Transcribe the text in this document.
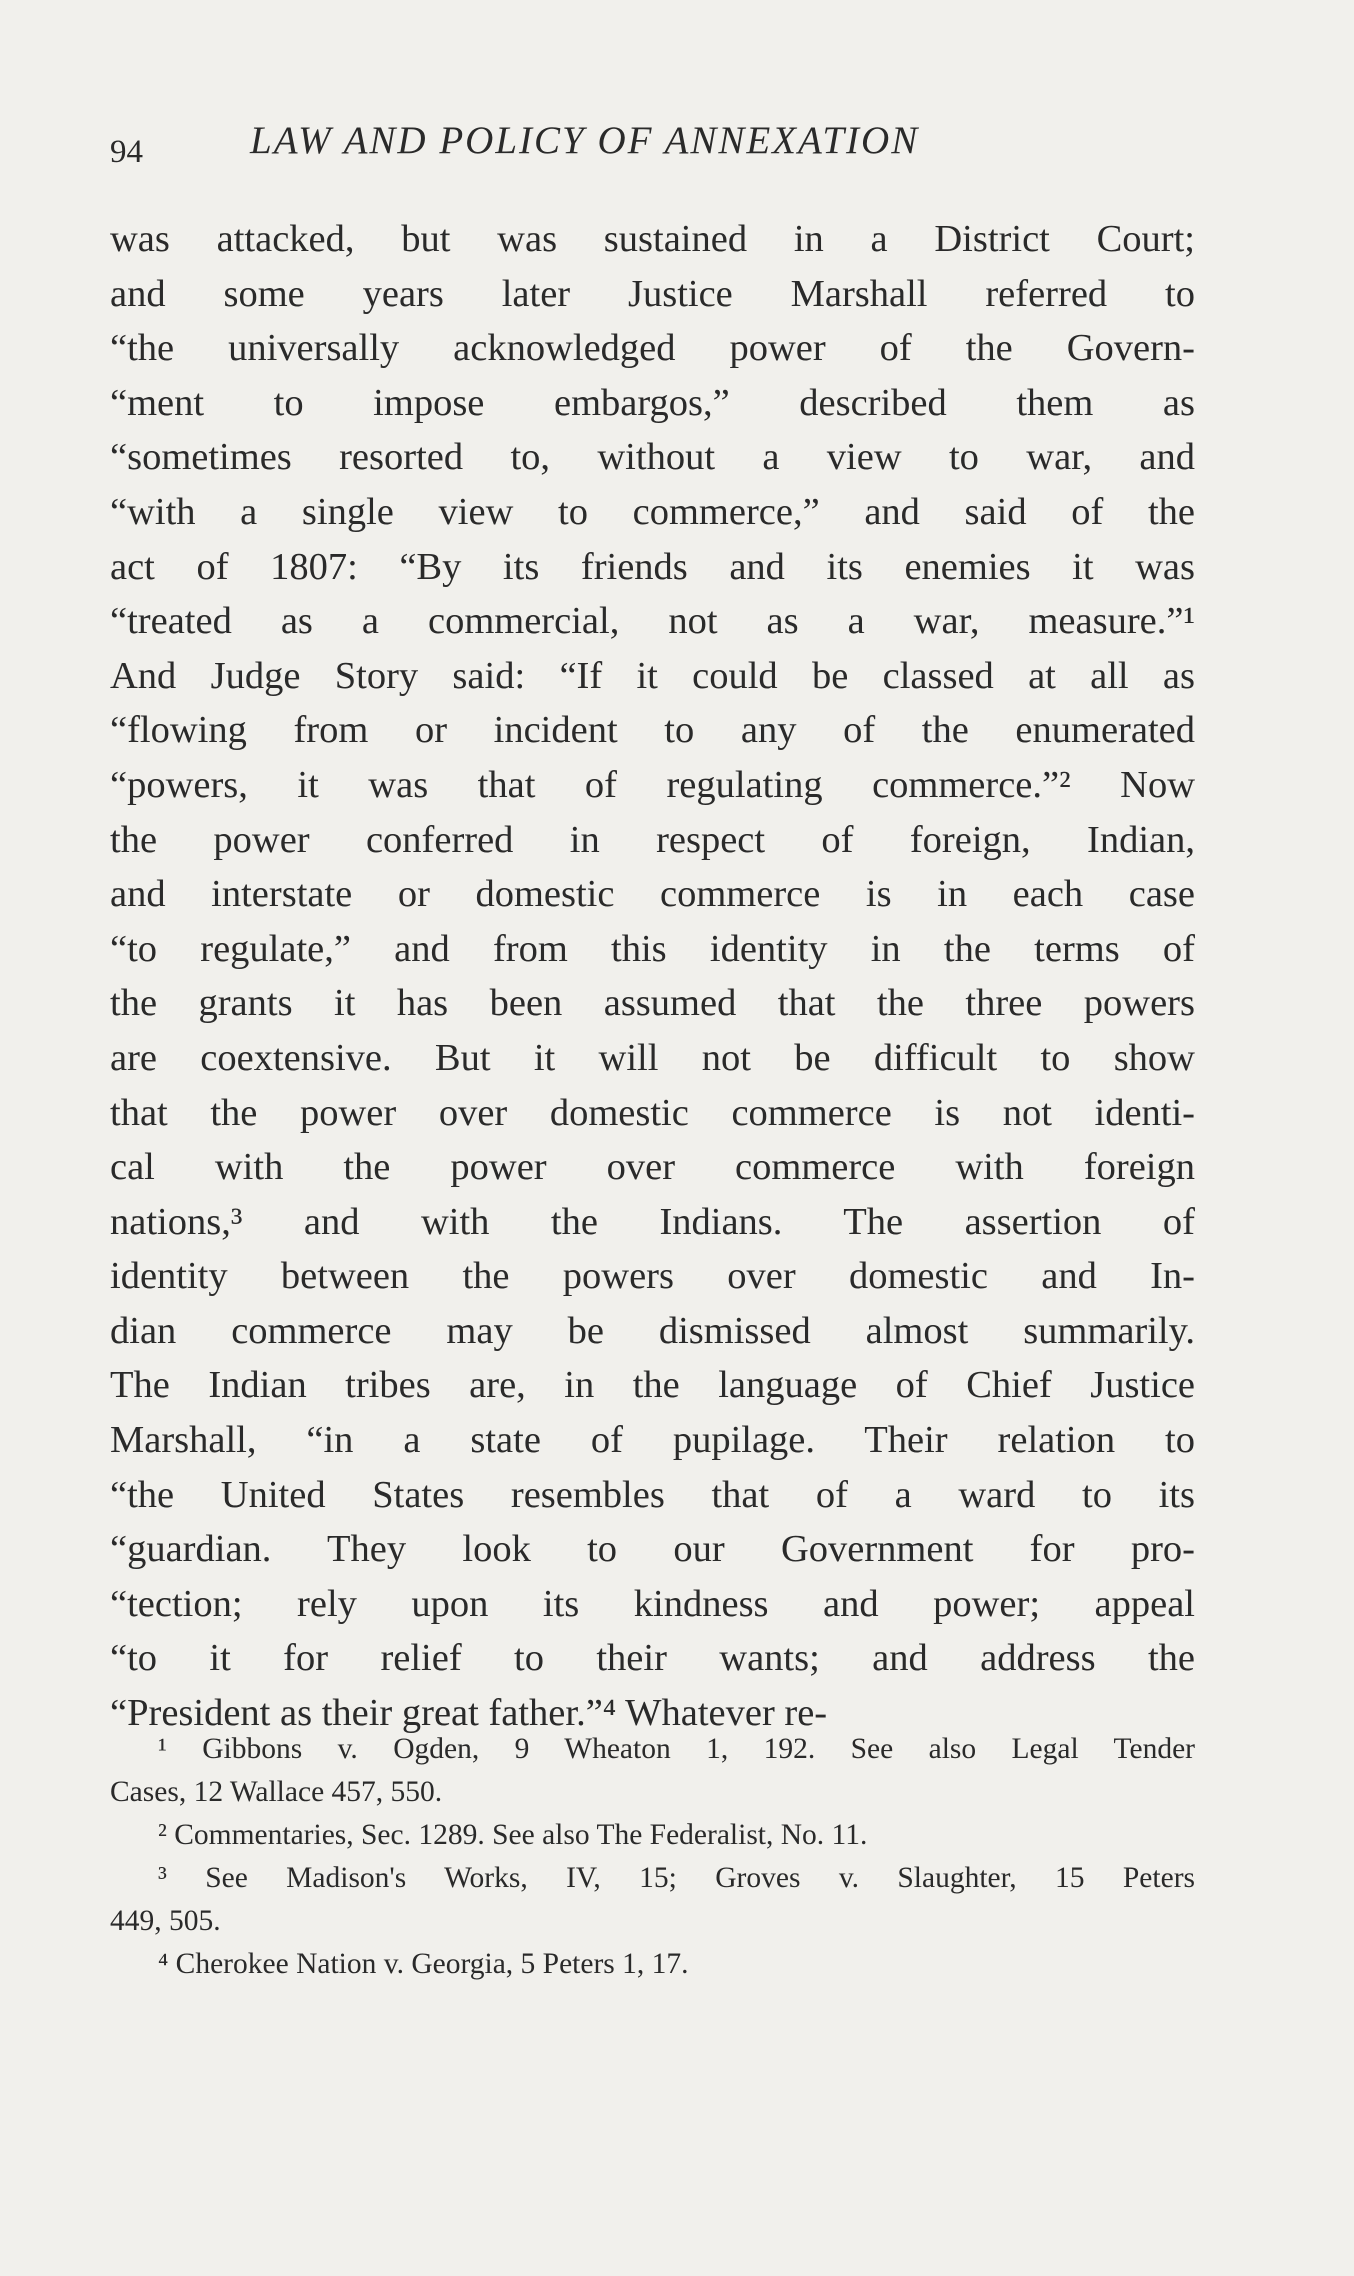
94	LAW AND POLICY OF ANNEXATION
was attacked, but was sustained in a District Court;
and some years later Justice Marshall referred to
“the universally acknowledged power of the Govern-
“ment to impose embargos,” described them as
“sometimes resorted to, without a view to war, and
“with a single view to commerce,” and said of the
act of 1807: “By its friends and its enemies it was
“treated as a commercial, not as a war, measure.”¹
And Judge Story said: “If it could be classed at all as
“flowing from or incident to any of the enumerated
“powers, it was that of regulating commerce.”² Now
the power conferred in respect of foreign, Indian,
and interstate or domestic commerce is in each case
“to regulate,” and from this identity in the terms of
the grants it has been assumed that the three powers
are coextensive. But it will not be difficult to show
that the power over domestic commerce is not identi-
cal with the power over commerce with foreign
nations,³ and with the Indians. The assertion of
identity between the powers over domestic and In-
dian commerce may be dismissed almost summarily.
The Indian tribes are, in the language of Chief Justice
Marshall, “in a state of pupilage. Their relation to
“the United States resembles that of a ward to its
“guardian. They look to our Government for pro-
“tection; rely upon its kindness and power; appeal
“to it for relief to their wants; and address the
“President as their great father.”⁴ Whatever re-
¹ Gibbons v. Ogden, 9 Wheaton 1, 192. See also Legal Tender
Cases, 12 Wallace 457, 550.
² Commentaries, Sec. 1289. See also The Federalist, No. 11.
³ See Madison's Works, IV, 15; Groves v. Slaughter, 15 Peters
449, 505.
⁴ Cherokee Nation v. Georgia, 5 Peters 1, 17.
